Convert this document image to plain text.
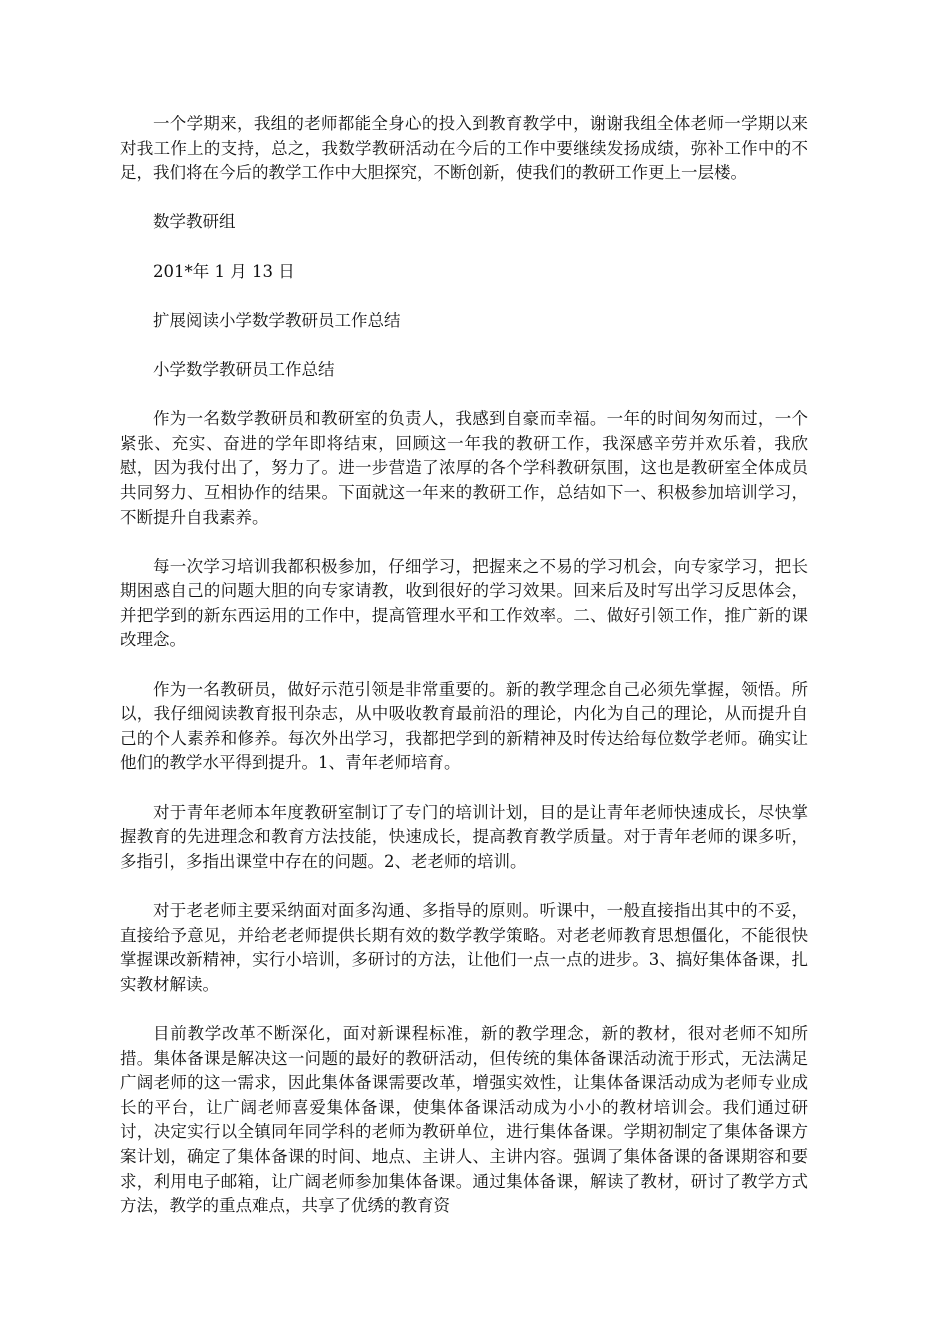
一个学期来，我组的老师都能全身心的投入到教育教学中，谢谢我组全体老师一学期以来对我工作上的支持，总之，我数学教研活动在今后的工作中要继续发扬成绩，弥补工作中的不足，我们将在今后的教学工作中大胆探究，不断创新，使我们的教研工作更上一层楼。

数学教研组

201*年 1 月 13 日

扩展阅读小学数学教研员工作总结

小学数学教研员工作总结

作为一名数学教研员和教研室的负责人，我感到自豪而幸福。一年的时间匆匆而过，一个紧张、充实、奋进的学年即将结束，回顾这一年我的教研工作，我深感辛劳并欢乐着，我欣慰，因为我付出了，努力了。进一步营造了浓厚的各个学科教研氛围，这也是教研室全体成员共同努力、互相协作的结果。下面就这一年来的教研工作，总结如下一、积极参加培训学习，不断提升自我素养。

每一次学习培训我都积极参加，仔细学习，把握来之不易的学习机会，向专家学习，把长期困惑自己的问题大胆的向专家请教，收到很好的学习效果。回来后及时写出学习反思体会，并把学到的新东西运用的工作中，提高管理水平和工作效率。二、做好引领工作，推广新的课改理念。

作为一名教研员，做好示范引领是非常重要的。新的教学理念自己必须先掌握，领悟。所以，我仔细阅读教育报刊杂志，从中吸收教育最前沿的理论，内化为自己的理论，从而提升自己的个人素养和修养。每次外出学习，我都把学到的新精神及时传达给每位数学老师。确实让他们的教学水平得到提升。1、青年老师培育。

对于青年老师本年度教研室制订了专门的培训计划，目的是让青年老师快速成长，尽快掌握教育的先进理念和教育方法技能，快速成长，提高教育教学质量。对于青年老师的课多听，多指引，多指出课堂中存在的问题。2、老老师的培训。

对于老老师主要采纳面对面多沟通、多指导的原则。听课中，一般直接指出其中的不妥，直接给予意见，并给老老师提供长期有效的数学教学策略。对老老师教育思想僵化，不能很快掌握课改新精神，实行小培训，多研讨的方法，让他们一点一点的进步。3、搞好集体备课，扎实教材解读。

目前教学改革不断深化，面对新课程标准，新的教学理念，新的教材，很对老师不知所措。集体备课是解决这一问题的最好的教研活动，但传统的集体备课活动流于形式，无法满足广阔老师的这一需求，因此集体备课需要改革，增强实效性，让集体备课活动成为老师专业成长的平台，让广阔老师喜爱集体备课，使集体备课活动成为小小的教材培训会。我们通过研讨，决定实行以全镇同年同学科的老师为教研单位，进行集体备课。学期初制定了集体备课方案计划，确定了集体备课的时间、地点、主讲人、主讲内容。强调了集体备课的备课期容和要求，利用电子邮箱，让广阔老师参加集体备课。通过集体备课，解读了教材，研讨了教学方式方法，教学的重点难点，共享了优绣的教育资
